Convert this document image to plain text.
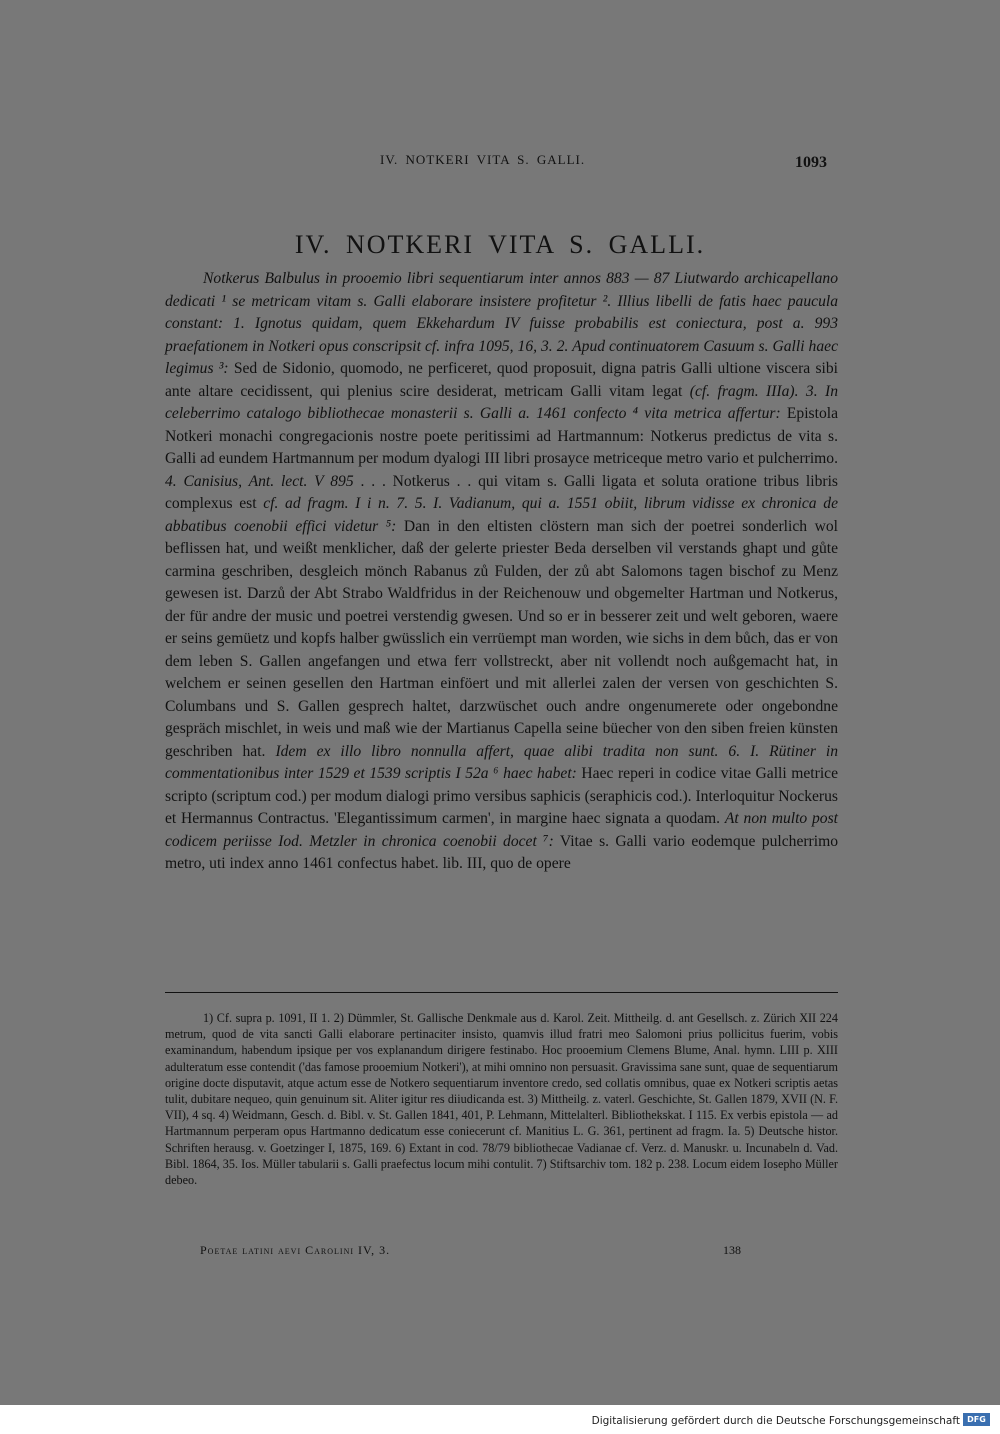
IV. NOTKERI VITA S. GALLI.	1093
IV. NOTKERI VITA S. GALLI.

Notkerus Balbulus in prooemio libri sequentiarum inter annos 883 — 87 Liutwardo archicapellano dedicati ¹ se metricam vitam s. Galli elaborare insistere profitetur ². Illius libelli de fatis haec paucula constant: 1. Ignotus quidam, quem Ekkehardum IV fuisse probabilis est coniectura, post a. 993 praefationem in Notkeri opus conscripsit cf. infra 1095, 16, 3. 2. Apud continuatorem Casuum s. Galli haec legimus ³: Sed de Sidonio, quomodo, ne perficeret, quod proposuit, digna patris Galli ultione viscera sibi ante altare cecidissent, qui plenius scire desiderat, metricam Galli vitam legat (cf. fragm. IIIa). 3. In celeberrimo catalogo bibliothecae monasterii s. Galli a. 1461 confecto ⁴ vita metrica affertur: Epistola Notkeri monachi congregacionis nostre poete peritissimi ad Hartmannum: Notkerus predictus de vita s. Galli ad eundem Hartmannum per modum dyalogi III libri prosayce metriceque metro vario et pulcherrimo. 4. Canisius, Ant. lect. V 895 . . . Notkerus . . qui vitam s. Galli ligata et soluta oratione tribus libris complexus est cf. ad fragm. I i n. 7. 5. I. Vadianum, qui a. 1551 obiit, librum vidisse ex chronica de abbatibus coenobii effici videtur ⁵: Dan in den eltisten clöstern man sich der poetrei sonderlich wol beflissen hat, und weißt menklicher, daß der gelerte priester Beda derselben vil verstands ghapt und gůte carmina geschriben, desgleich mönch Rabanus zů Fulden, der zů abt Salomons tagen bischof zu Menz gewesen ist. Darzů der Abt Strabo Waldfridus in der Reichenouw und obgemelter Hartman und Notkerus, der für andre der music und poetrei verstendig gwesen. Und so er in besserer zeit und welt geboren, waere er seins gemüetz und kopfs halber gwüsslich ein verrüempt man worden, wie sichs in dem bůch, das er von dem leben S. Gallen angefangen und etwa ferr vollstreckt, aber nit vollendt noch außgemacht hat, in welchem er seinen gesellen den Hartman einföert und mit allerlei zalen der versen von geschichten S. Columbans und S. Gallen gesprech haltet, darzwüschet ouch andre ongenumerete oder ongebondne gespräch mischlet, in weis und maß wie der Martianus Capella seine büecher von den siben freien künsten geschriben hat. Idem ex illo libro nonnulla affert, quae alibi tradita non sunt. 6. I. Rütiner in commentationibus inter 1529 et 1539 scriptis I 52a ⁶ haec habet: Haec reperi in codice vitae Galli metrice scripto (scriptum cod.) per modum dialogi primo versibus saphicis (seraphicis cod.). Interloquitur Nockerus et Hermannus Contractus. 'Elegantissimum carmen', in margine haec signata a quodam. At non multo post codicem periisse Iod. Metzler in chronica coenobii docet ⁷: Vitae s. Galli vario eodemque pulcherrimo metro, uti index anno 1461 confectus habet. lib. III, quo de opere

1) Cf. supra p. 1091, II 1. 2) Dümmler, St. Gallische Denkmale aus d. Karol. Zeit. Mittheilg. d. ant Gesellsch. z. Zürich XII 224 metrum, quod de vita sancti Galli elaborare pertinaciter insisto, quamvis illud fratri meo Salomoni prius pollicitus fuerim, vobis examinandum, habendum ipsique per vos explanandum dirigere festinabo. Hoc prooemium Clemens Blume, Anal. hymn. LIII p. XIII adulteratum esse contendit ('das famose prooemium Notkeri'), at mihi omnino non persuasit. Gravissima sane sunt, quae de sequentiarum origine docte disputavit, atque actum esse de Notkero sequentiarum inventore credo, sed collatis omnibus, quae ex Notkeri scriptis aetas tulit, dubitare nequeo, quin genuinum sit. Aliter igitur res diiudicanda est. 3) Mittheilg. z. vaterl. Geschichte, St. Gallen 1879, XVII (N. F. VII), 4 sq. 4) Weidmann, Gesch. d. Bibl. v. St. Gallen 1841, 401, P. Lehmann, Mittelalterl. Bibliothekskat. I 115. Ex verbis epistola — ad Hartmannum perperam opus Hartmanno dedicatum esse coniecerunt cf. Manitius L. G. 361, pertinent ad fragm. Ia. 5) Deutsche histor. Schriften herausg. v. Goetzinger I, 1875, 169. 6) Extant in cod. 78/79 bibliothecae Vadianae cf. Verz. d. Manuskr. u. Incunabeln d. Vad. Bibl. 1864, 35. Ios. Müller tabularii s. Galli praefectus locum mihi contulit. 7) Stiftsarchiv tom. 182 p. 238. Locum eidem Iosepho Müller debeo.

Poetae latini aevi Carolini IV, 3.	138
Digitalisierung gefördert durch die Deutsche Forschungsgemeinschaft DFG
